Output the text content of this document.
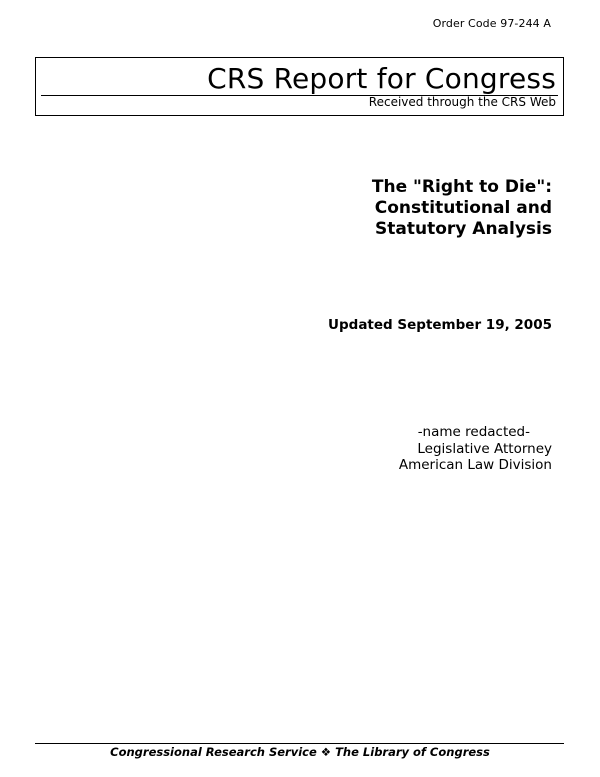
Order Code 97-244 A
CRS Report for Congress
Received through the CRS Web
The "Right to Die":
Constitutional and
Statutory Analysis
Updated September 19, 2005
-name redacted-
Legislative Attorney
American Law Division
Congressional Research Service ❖ The Library of Congress
